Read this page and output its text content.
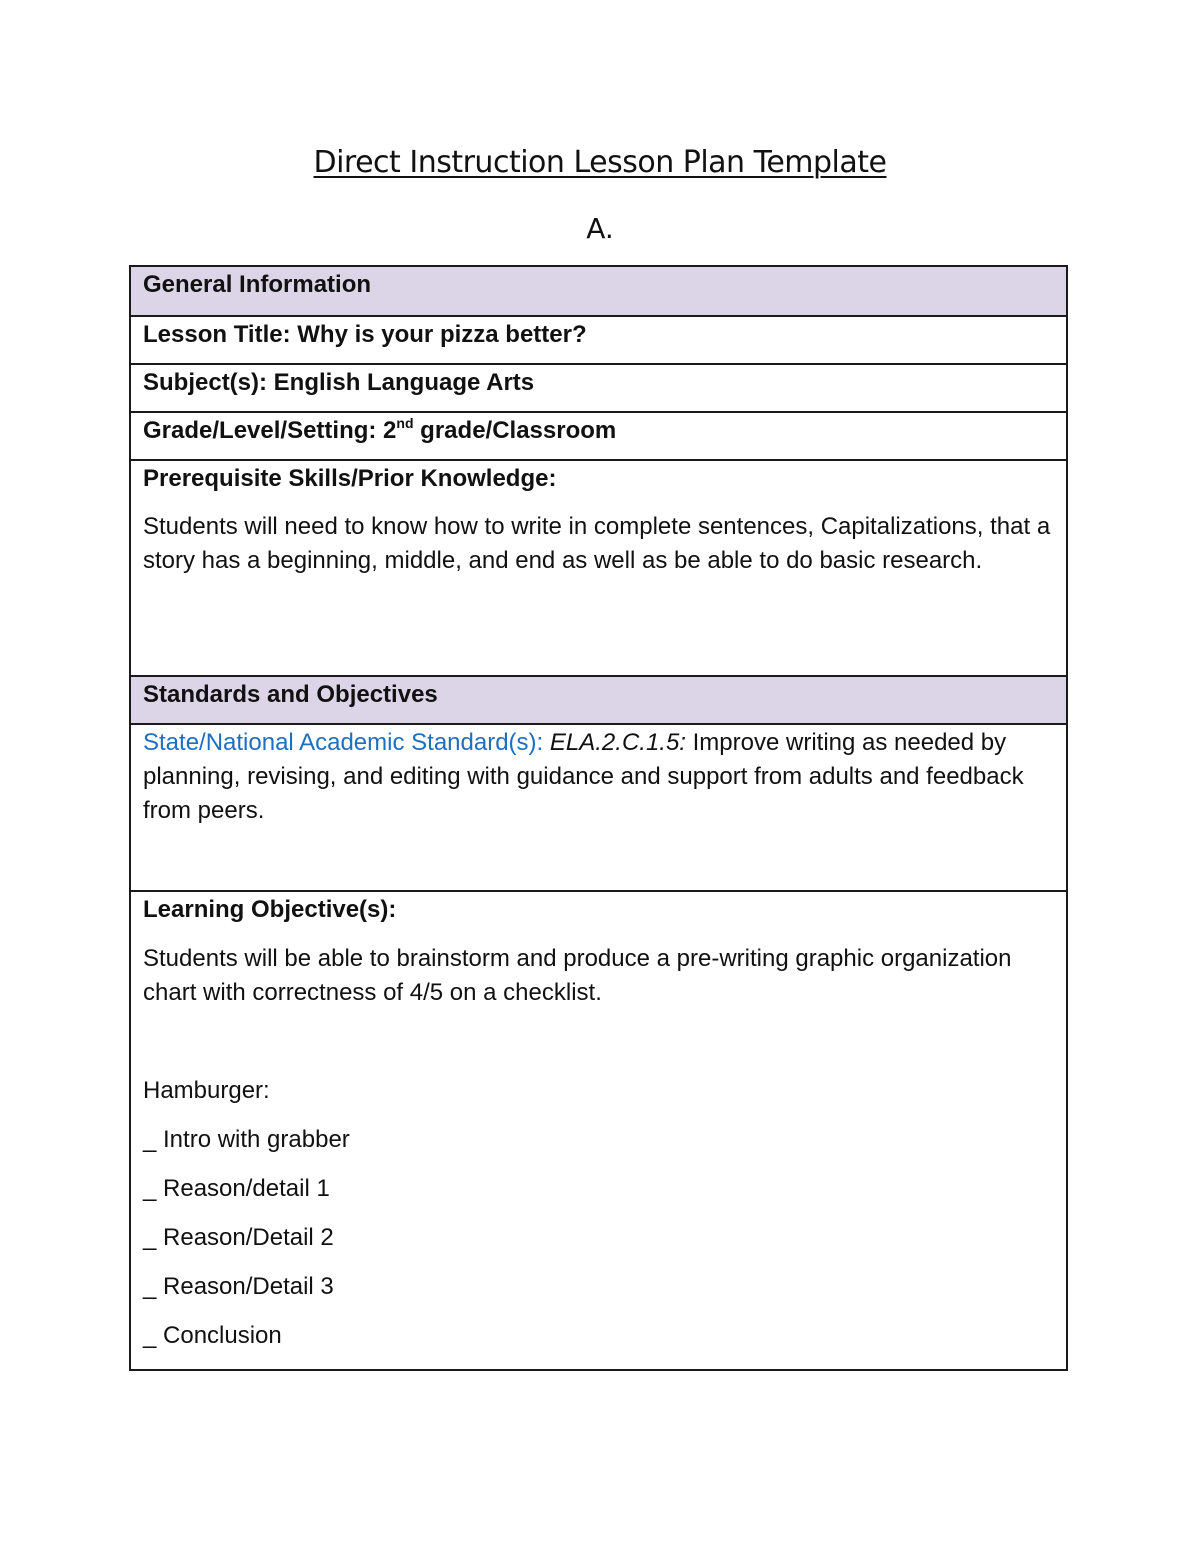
Direct Instruction Lesson Plan Template
A.
General Information
Lesson Title: Why is your pizza better?
Subject(s): English Language Arts
Grade/Level/Setting: 2nd grade/Classroom

Prerequisite Skills/Prior Knowledge:

Students will need to know how to write in complete sentences, Capitalizations, that a story has a beginning, middle, and end as well as be able to do basic research.

Standards and Objectives

State/National Academic Standard(s): ELA.2.C.1.5: Improve writing as needed by planning, revising, and editing with guidance and support from adults and feedback from peers.

Learning Objective(s):

Students will be able to brainstorm and produce a pre-writing graphic organization chart with correctness of 4/5 on a checklist.

Hamburger:

_ Intro with grabber

_ Reason/detail 1

_ Reason/Detail 2

_ Reason/Detail 3

_ Conclusion
